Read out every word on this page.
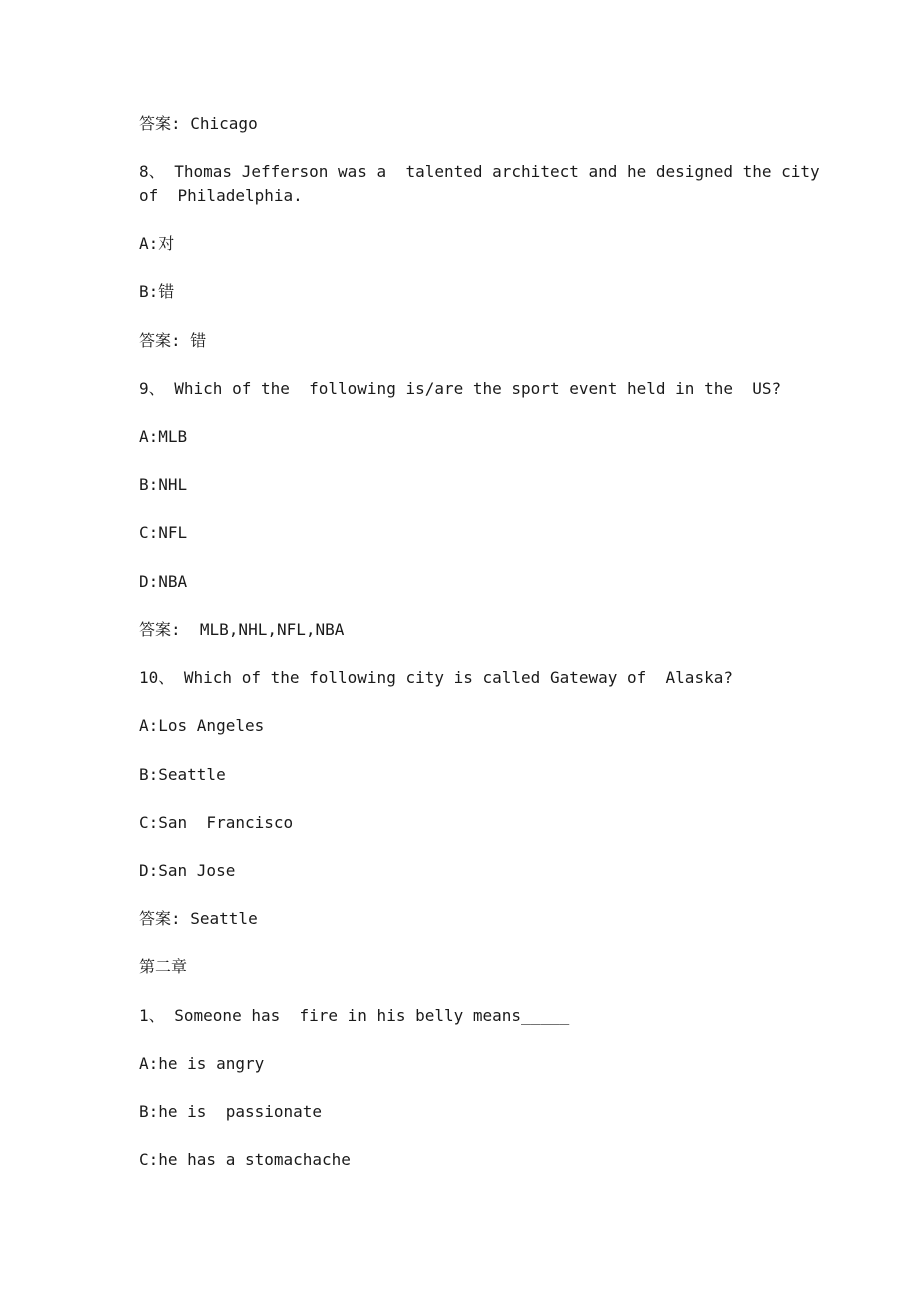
答案: Chicago
8、 Thomas Jefferson was a  talented architect and he designed the city
of  Philadelphia.
A:对
B:错
答案: 错
9、 Which of the  following is/are the sport event held in the  US?
A:MLB
B:NHL
C:NFL
D:NBA
答案:  MLB,NHL,NFL,NBA
10、 Which of the following city is called Gateway of  Alaska?
A:Los Angeles
B:Seattle
C:San  Francisco
D:San Jose
答案: Seattle
第二章
1、 Someone has  fire in his belly means_____
A:he is angry
B:he is  passionate
C:he has a stomachache
